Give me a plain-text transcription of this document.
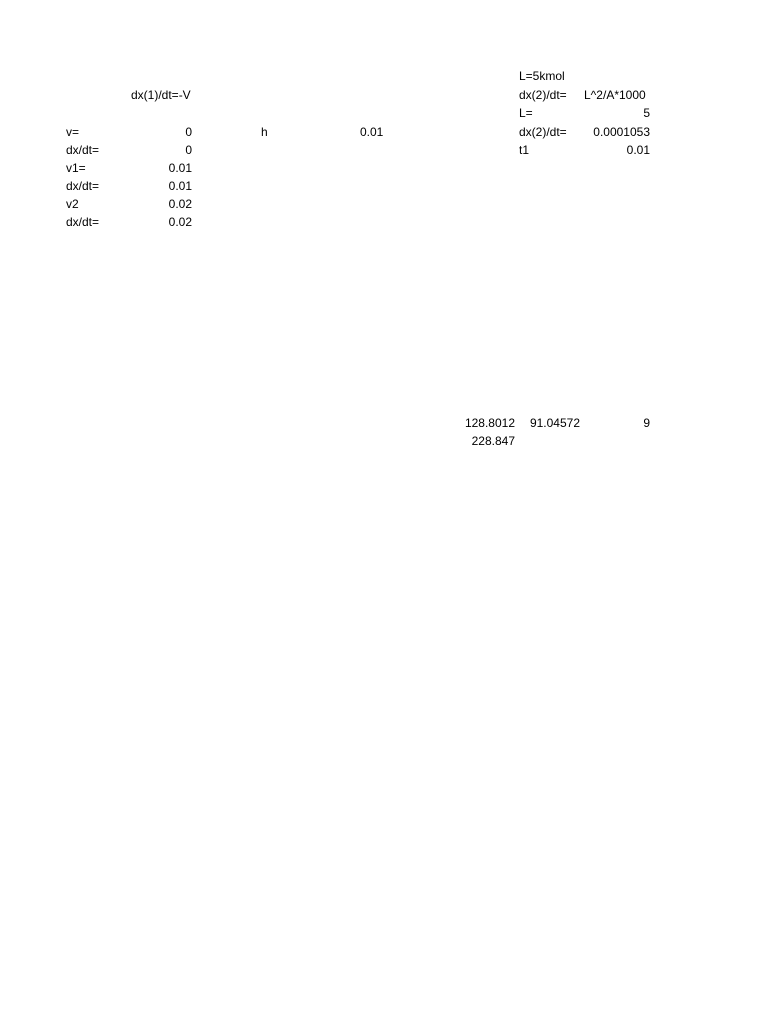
dx(1)/dt=-V
v=	0	h	0.01
dx/dt=	0
v1=	0.01
dx/dt=	0.01
v2	0.02
dx/dt=	0.02
L=5kmol
dx(2)/dt=	L^2/A*1000
L=	5
dx(2)/dt=	0.0001053
t1	0.01
128.8012	91.04572	9
228.847
